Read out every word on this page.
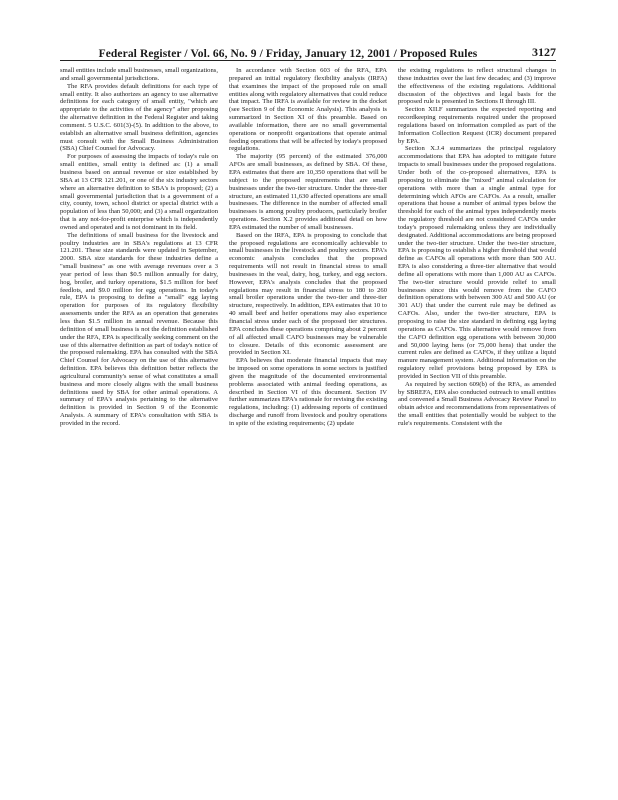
Federal Register / Vol. 66, No. 9 / Friday, January 12, 2001 / Proposed Rules	3127

small entities include small businesses, small organizations, and small governmental jurisdictions.

The RFA provides default definitions for each type of small entity. It also authorizes an agency to use alternative definitions for each category of small entity, "which are appropriate to the activities of the agency" after proposing the alternative definition in the Federal Register and taking comment. 5 U.S.C. 601(3)-(5). In addition to the above, to establish an alternative small business definition, agencies must consult with the Small Business Administration (SBA) Chief Counsel for Advocacy.

For purposes of assessing the impacts of today's rule on small entities, small entity is defined as: (1) a small business based on annual revenue or size established by SBA at 13 CFR 121.201, or one of the six industry sectors where an alternative definition to SBA's is proposed; (2) a small governmental jurisdiction that is a government of a city, county, town, school district or special district with a population of less than 50,000; and (3) a small organization that is any not-for-profit enterprise which is independently owned and operated and is not dominant in its field.

The definitions of small business for the livestock and poultry industries are in SBA's regulations at 13 CFR 121.201. These size standards were updated in September, 2000. SBA size standards for these industries define a "small business" as one with average revenues over a 3 year period of less than $0.5 million annually for dairy, hog, broiler, and turkey operations, $1.5 million for beef feedlots, and $9.0 million for egg operations. In today's rule, EPA is proposing to define a "small" egg laying operation for purposes of its regulatory flexibility assessments under the RFA as an operation that generates less than $1.5 million in annual revenue. Because this definition of small business is not the definition established under the RFA, EPA is specifically seeking comment on the use of this alternative definition as part of today's notice of the proposed rulemaking. EPA has consulted with the SBA Chief Counsel for Advocacy on the use of this alternative definition. EPA believes this definition better reflects the agricultural community's sense of what constitutes a small business and more closely aligns with the small business definitions used by SBA for other animal operations. A summary of EPA's analysis pertaining to the alternative definition is provided in Section 9 of the Economic Analysis. A summary of EPA's consultation with SBA is provided in the record.

In accordance with Section 603 of the RFA, EPA prepared an initial regulatory flexibility analysis (IRFA) that examines the impact of the proposed rule on small entities along with regulatory alternatives that could reduce that impact. The IRFA is available for review in the docket (see Section 9 of the Economic Analysis). This analysis is summarized in Section XI of this preamble. Based on available information, there are no small governmental operations or nonprofit organizations that operate animal feeding operations that will be affected by today's proposed regulations.

The majority (95 percent) of the estimated 376,000 AFOs are small businesses, as defined by SBA. Of these, EPA estimates that there are 10,350 operations that will be subject to the proposed requirements that are small businesses under the two-tier structure. Under the three-tier structure, an estimated 11,630 affected operations are small businesses. The difference in the number of affected small businesses is among poultry producers, particularly broiler operations. Section X.2 provides additional detail on how EPA estimated the number of small businesses.

Based on the IRFA, EPA is proposing to conclude that the proposed regulations are economically achievable to small businesses in the livestock and poultry sectors. EPA's economic analysis concludes that the proposed requirements will not result in financial stress to small businesses in the veal, dairy, hog, turkey, and egg sectors. However, EPA's analysis concludes that the proposed regulations may result in financial stress to 180 to 260 small broiler operations under the two-tier and three-tier structure, respectively. In addition, EPA estimates that 10 to 40 small beef and heifer operations may also experience financial stress under each of the proposed tier structures. EPA concludes these operations comprising about 2 percent of all affected small CAFO businesses may be vulnerable to closure. Details of this economic assessment are provided in Section XI.

EPA believes that moderate financial impacts that may be imposed on some operations in some sectors is justified given the magnitude of the documented environmental problems associated with animal feeding operations, as described in Section VI of this document. Section IV further summarizes EPA's rationale for revising the existing regulations, including: (1) addressing reports of continued discharge and runoff from livestock and poultry operations in spite of the existing requirements; (2) update

the existing regulations to reflect structural changes in these industries over the last few decades; and (3) improve the effectiveness of the existing regulations. Additional discussion of the objectives and legal basis for the proposed rule is presented in Sections II through III.

Section XII.F summarizes the expected reporting and recordkeeping requirements required under the proposed regulations based on information compiled as part of the Information Collection Request (ICR) document prepared by EPA.

Section X.J.4 summarizes the principal regulatory accommodations that EPA has adopted to mitigate future impacts to small businesses under the proposed regulations. Under both of the co-proposed alternatives, EPA is proposing to eliminate the "mixed" animal calculation for operations with more than a single animal type for determining which AFOs are CAFOs. As a result, smaller operations that house a number of animal types below the threshold for each of the animal types independently meets the regulatory threshold are not considered CAFOs under today's proposed rulemaking unless they are individually designated. Additional accommodations are being proposed under the two-tier structure. Under the two-tier structure, EPA is proposing to establish a higher threshold that would define as CAFOs all operations with more than 500 AU. EPA is also considering a three-tier alternative that would define all operations with more than 1,000 AU as CAFOs. The two-tier structure would provide relief to small businesses since this would remove from the CAFO definition operations with between 300 AU and 500 AU (or 301 AU) that under the current rule may be defined as CAFOs. Also, under the two-tier structure, EPA is proposing to raise the size standard in defining egg laying operations as CAFOs. This alternative would remove from the CAFO definition egg operations with between 30,000 and 50,000 laying hens (or 75,000 hens) that under the current rules are defined as CAFOs, if they utilize a liquid manure management system. Additional information on the regulatory relief provisions being proposed by EPA is provided in Section VII of this preamble.

As required by section 609(b) of the RFA, as amended by SBREFA, EPA also conducted outreach to small entities and convened a Small Business Advocacy Review Panel to obtain advice and recommendations from representatives of the small entities that potentially would be subject to the rule's requirements. Consistent with the
